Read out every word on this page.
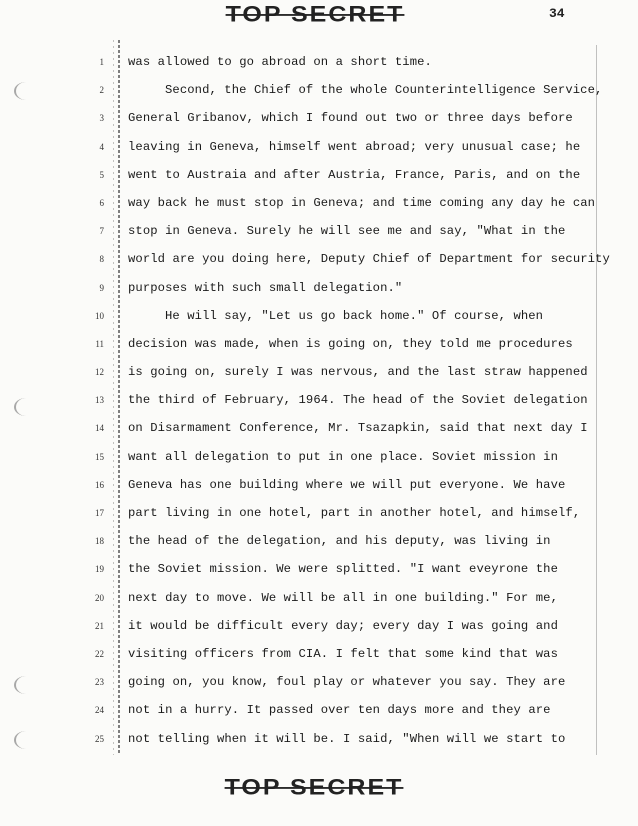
TOP SECRET	34
1
2
3
4
5
6
7
8
9
10
11
12
13
14
15
16
17
18
19
20
21
22
23
24
25
was allowed to go abroad on a short time.
Second, the Chief of the whole Counterintelligence Service,
General Gribanov, which I found out two or three days before
leaving in Geneva, himself went abroad; very unusual case; he
went to Austraia and after Austria, France, Paris, and on the
way back he must stop in Geneva; and time coming any day he can
stop in Geneva. Surely he will see me and say, "What in the
world are you doing here, Deputy Chief of Department for security
purposes with such small delegation."
He will say, "Let us go back home." Of course, when
decision was made, when is going on, they told me procedures
is going on, surely I was nervous, and the last straw happened
the third of February, 1964. The head of the Soviet delegation
on Disarmament Conference, Mr. Tsazapkin, said that next day I
want all delegation to put in one place. Soviet mission in
Geneva has one building where we will put everyone. We have
part living in one hotel, part in another hotel, and himself,
the head of the delegation, and his deputy, was living in
the Soviet mission. We were splitted. "I want eveyrone the
next day to move. We will be all in one building." For me,
it would be difficult every day; every day I was going and
visiting officers from CIA. I felt that some kind that was
going on, you know, foul play or whatever you say. They are
not in a hurry. It passed over ten days more and they are
not telling when it will be. I said, "When will we start to
TOP SECRET
